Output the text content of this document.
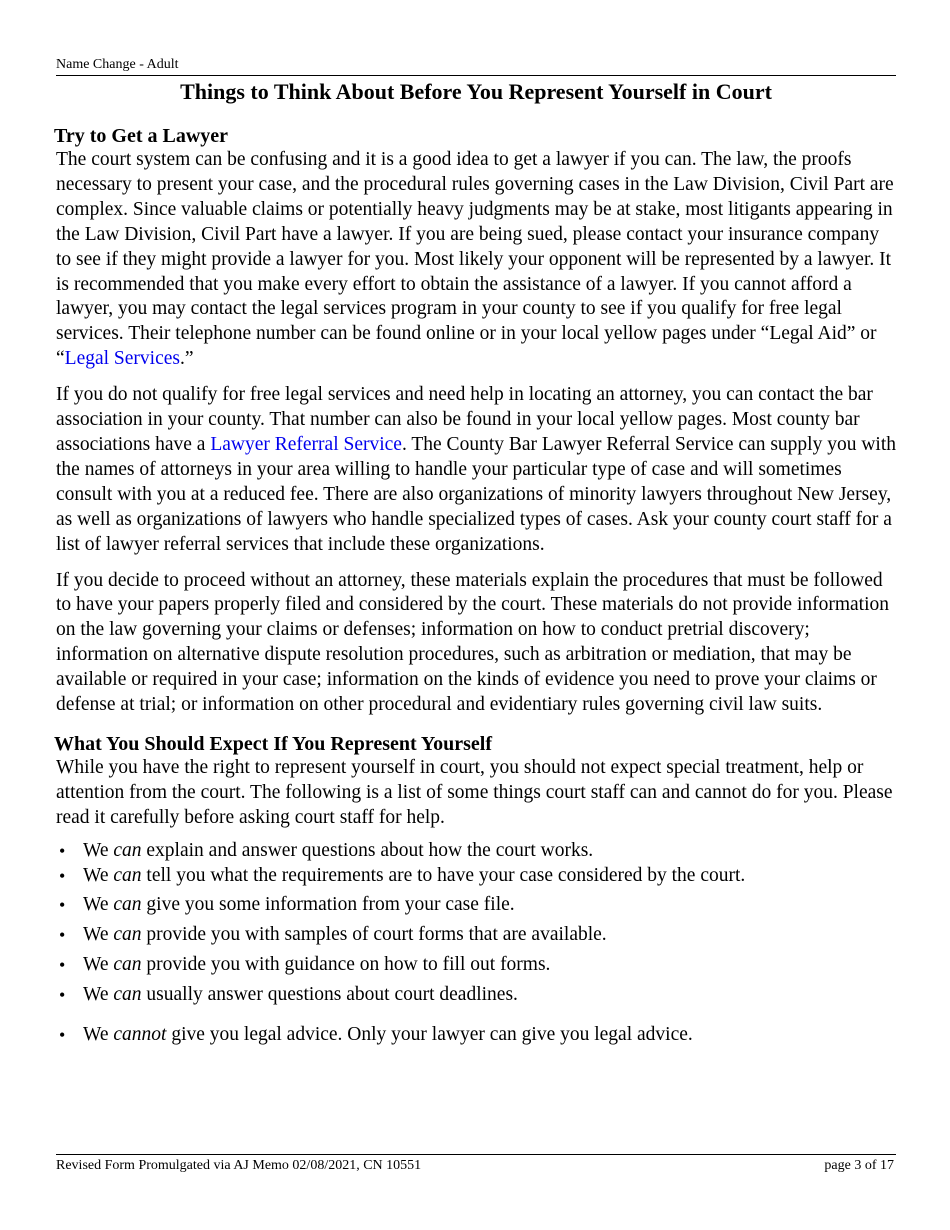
Name Change - Adult
Things to Think About Before You Represent Yourself in Court
Try to Get a Lawyer

The court system can be confusing and it is a good idea to get a lawyer if you can. The law, the proofs necessary to present your case, and the procedural rules governing cases in the Law Division, Civil Part are complex. Since valuable claims or potentially heavy judgments may be at stake, most litigants appearing in the Law Division, Civil Part have a lawyer. If you are being sued, please contact your insurance company to see if they might provide a lawyer for you. Most likely your opponent will be represented by a lawyer. It is recommended that you make every effort to obtain the assistance of a lawyer. If you cannot afford a lawyer, you may contact the legal services program in your county to see if you qualify for free legal services. Their telephone number can be found online or in your local yellow pages under “Legal Aid” or “Legal Services.”

If you do not qualify for free legal services and need help in locating an attorney, you can contact the bar association in your county. That number can also be found in your local yellow pages. Most county bar associations have a Lawyer Referral Service. The County Bar Lawyer Referral Service can supply you with the names of attorneys in your area willing to handle your particular type of case and will sometimes consult with you at a reduced fee. There are also organizations of minority lawyers throughout New Jersey, as well as organizations of lawyers who handle specialized types of cases. Ask your county court staff for a list of lawyer referral services that include these organizations.

If you decide to proceed without an attorney, these materials explain the procedures that must be followed to have your papers properly filed and considered by the court. These materials do not provide information on the law governing your claims or defenses; information on how to conduct pretrial discovery; information on alternative dispute resolution procedures, such as arbitration or mediation, that may be available or required in your case; information on the kinds of evidence you need to prove your claims or defense at trial; or information on other procedural and evidentiary rules governing civil law suits.

What You Should Expect If You Represent Yourself

While you have the right to represent yourself in court, you should not expect special treatment, help or attention from the court. The following is a list of some things court staff can and cannot do for you. Please read it carefully before asking court staff for help.

• We can explain and answer questions about how the court works.
• We can tell you what the requirements are to have your case considered by the court.
• We can give you some information from your case file.
• We can provide you with samples of court forms that are available.
• We can provide you with guidance on how to fill out forms.
• We can usually answer questions about court deadlines.
• We cannot give you legal advice. Only your lawyer can give you legal advice.
Revised Form Promulgated via AJ Memo 02/08/2021, CN 10551	page 3 of 17
